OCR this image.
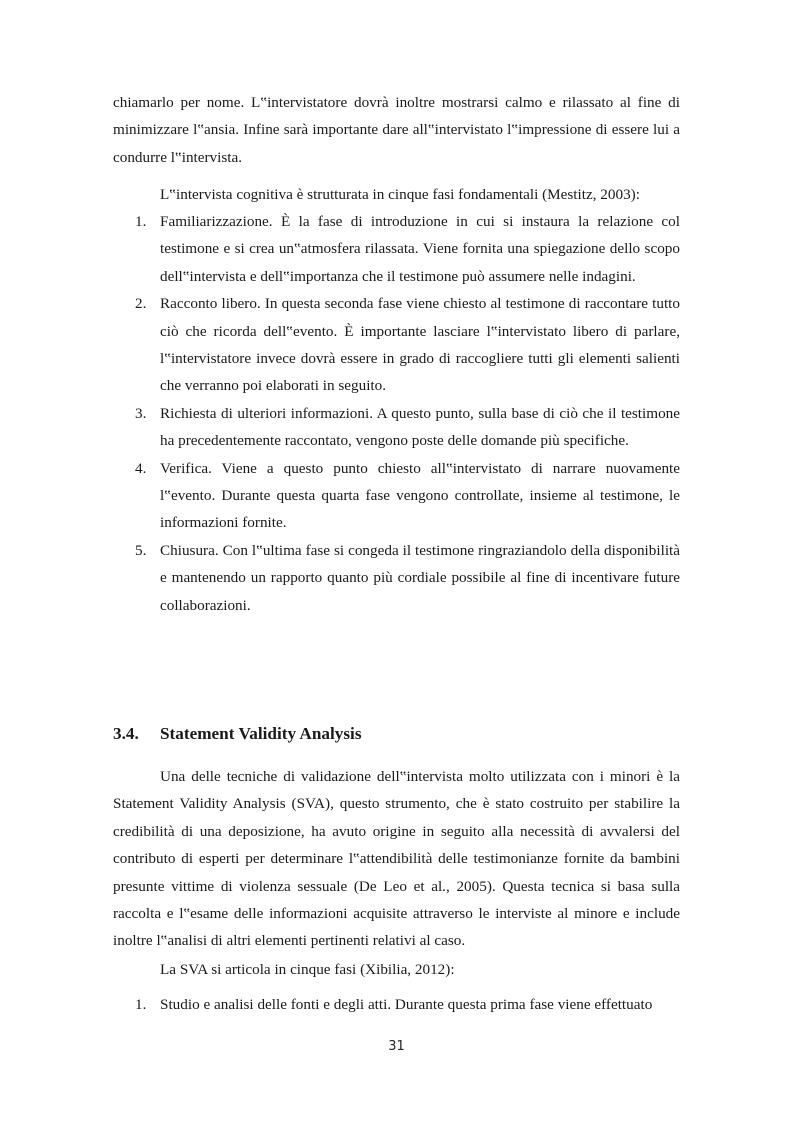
chiamarlo per nome. L‟intervistatore dovrà inoltre mostrarsi calmo e rilassato al fine di minimizzare l‟ansia. Infine sarà importante dare all‟intervistato l‟impressione di essere lui a condurre l‟intervista.

L‟intervista cognitiva è strutturata in cinque fasi fondamentali (Mestitz, 2003):

1. Familiarizzazione. È la fase di introduzione in cui si instaura la relazione col testimone e si crea un‟atmosfera rilassata. Viene fornita una spiegazione dello scopo dell‟intervista e dell‟importanza che il testimone può assumere nelle indagini.
2. Racconto libero. In questa seconda fase viene chiesto al testimone di raccontare tutto ciò che ricorda dell‟evento. È importante lasciare l‟intervistato libero di parlare, l‟intervistatore invece dovrà essere in grado di raccogliere tutti gli elementi salienti che verranno poi elaborati in seguito.
3. Richiesta di ulteriori informazioni. A questo punto, sulla base di ciò che il testimone ha precedentemente raccontato, vengono poste delle domande più specifiche.
4. Verifica. Viene a questo punto chiesto all‟intervistato di narrare nuovamente l‟evento. Durante questa quarta fase vengono controllate, insieme al testimone, le informazioni fornite.
5. Chiusura. Con l‟ultima fase si congeda il testimone ringraziandolo della disponibilità e mantenendo un rapporto quanto più cordiale possibile al fine di incentivare future collaborazioni.
3.4. Statement Validity Analysis

Una delle tecniche di validazione dell‟intervista molto utilizzata con i minori è la Statement Validity Analysis (SVA), questo strumento, che è stato costruito per stabilire la credibilità di una deposizione, ha avuto origine in seguito alla necessità di avvalersi del contributo di esperti per determinare l‟attendibilità delle testimonianze fornite da bambini presunte vittime di violenza sessuale (De Leo et al., 2005). Questa tecnica si basa sulla raccolta e l‟esame delle informazioni acquisite attraverso le interviste al minore e include inoltre l‟analisi di altri elementi pertinenti relativi al caso.

La SVA si articola in cinque fasi (Xibilia, 2012):

1. Studio e analisi delle fonti e degli atti. Durante questa prima fase viene effettuato
31
